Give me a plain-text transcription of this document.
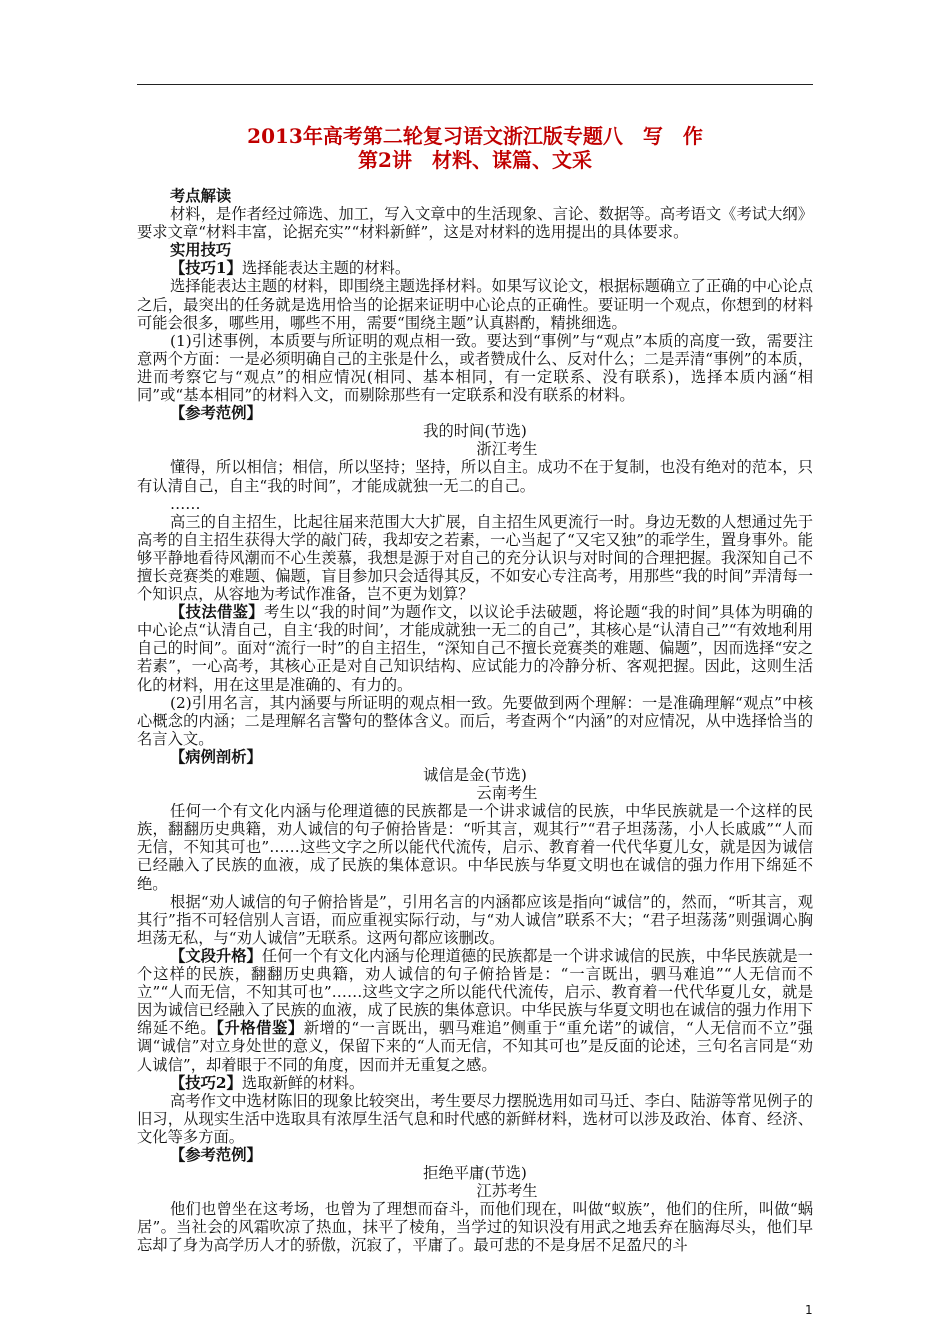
2013年高考第二轮复习语文浙江版专题八　写　作
第2讲　材料、谋篇、文采

考点解读

材料，是作者经过筛选、加工，写入文章中的生活现象、言论、数据等。高考语文《考试大纲》要求文章“材料丰富，论据充实”“材料新鲜”，这是对材料的选用提出的具体要求。

实用技巧

【技巧1】选择能表达主题的材料。

选择能表达主题的材料，即围绕主题选择材料。如果写议论文，根据标题确立了正确的中心论点之后，最突出的任务就是选用恰当的论据来证明中心论点的正确性。要证明一个观点，你想到的材料可能会很多，哪些用，哪些不用，需要“围绕主题”认真斟酌，精挑细选。

(1)引述事例，本质要与所证明的观点相一致。要达到“事例”与“观点”本质的高度一致，需要注意两个方面：一是必须明确自己的主张是什么，或者赞成什么、反对什么；二是弄清“事例”的本质，进而考察它与“观点”的相应情况(相同、基本相同，有一定联系、没有联系)，选择本质内涵“相同”或“基本相同”的材料入文，而剔除那些有一定联系和没有联系的材料。

【参考范例】

我的时间(节选)

浙江考生

懂得，所以相信；相信，所以坚持；坚持，所以自主。成功不在于复制，也没有绝对的范本，只有认清自己，自主“我的时间”，才能成就独一无二的自己。

……

高三的自主招生，比起往届来范围大大扩展，自主招生风更流行一时。身边无数的人想通过先于高考的自主招生获得大学的敲门砖，我却安之若素，一心当起了“又宅又独”的乖学生，置身事外。能够平静地看待风潮而不心生羡慕，我想是源于对自己的充分认识与对时间的合理把握。我深知自己不擅长竞赛类的难题、偏题，盲目参加只会适得其反，不如安心专注高考，用那些“我的时间”弄清每一个知识点，从容地为考试作准备，岂不更为划算？

【技法借鉴】考生以“我的时间”为题作文，以议论手法破题，将论题“我的时间”具体为明确的中心论点“认清自己，自主‘我的时间’，才能成就独一无二的自己”，其核心是“认清自己”“有效地利用自己的时间”。面对“流行一时”的自主招生，“深知自己不擅长竞赛类的难题、偏题”，因而选择“安之若素”，一心高考，其核心正是对自己知识结构、应试能力的冷静分析、客观把握。因此，这则生活化的材料，用在这里是准确的、有力的。

(2)引用名言，其内涵要与所证明的观点相一致。先要做到两个理解：一是准确理解“观点”中核心概念的内涵；二是理解名言警句的整体含义。而后，考查两个“内涵”的对应情况，从中选择恰当的名言入文。

【病例剖析】

诚信是金(节选)

云南考生

任何一个有文化内涵与伦理道德的民族都是一个讲求诚信的民族，中华民族就是一个这样的民族，翻翻历史典籍，劝人诚信的句子俯拾皆是：“听其言，观其行”“君子坦荡荡，小人长戚戚”“人而无信，不知其可也”……这些文字之所以能代代流传，启示、教育着一代代华夏儿女，就是因为诚信已经融入了民族的血液，成了民族的集体意识。中华民族与华夏文明也在诚信的强力作用下绵延不绝。

根据“劝人诚信的句子俯拾皆是”，引用名言的内涵都应该是指向“诚信”的，然而，“听其言，观其行”指不可轻信别人言语，而应重视实际行动，与“劝人诚信”联系不大；“君子坦荡荡”则强调心胸坦荡无私，与“劝人诚信”无联系。这两句都应该删改。

【文段升格】任何一个有文化内涵与伦理道德的民族都是一个讲求诚信的民族，中华民族就是一个这样的民族，翻翻历史典籍，劝人诚信的句子俯拾皆是：“一言既出，驷马难追”“人无信而不立”“人而无信，不知其可也”……这些文字之所以能代代流传，启示、教育着一代代华夏儿女，就是因为诚信已经融入了民族的血液，成了民族的集体意识。中华民族与华夏文明也在诚信的强力作用下绵延不绝。【升格借鉴】新增的“一言既出，驷马难追”侧重于“重允诺”的诚信，“人无信而不立”强调“诚信”对立身处世的意义，保留下来的“人而无信，不知其可也”是反面的论述，三句名言同是“劝人诚信”，却着眼于不同的角度，因而并无重复之感。

【技巧2】选取新鲜的材料。

高考作文中选材陈旧的现象比较突出，考生要尽力摆脱选用如司马迁、李白、陆游等常见例子的旧习，从现实生活中选取具有浓厚生活气息和时代感的新鲜材料，选材可以涉及政治、体育、经济、文化等多方面。

【参考范例】

拒绝平庸(节选)

江苏考生

他们也曾坐在这考场，也曾为了理想而奋斗，而他们现在，叫做“蚁族”，他们的住所，叫做“蜗居”。当社会的风霜吹凉了热血，抹平了棱角，当学过的知识没有用武之地丢弃在脑海尽头，他们早忘却了身为高学历人才的骄傲，沉寂了，平庸了。最可悲的不是身居不足盈尺的斗

1
